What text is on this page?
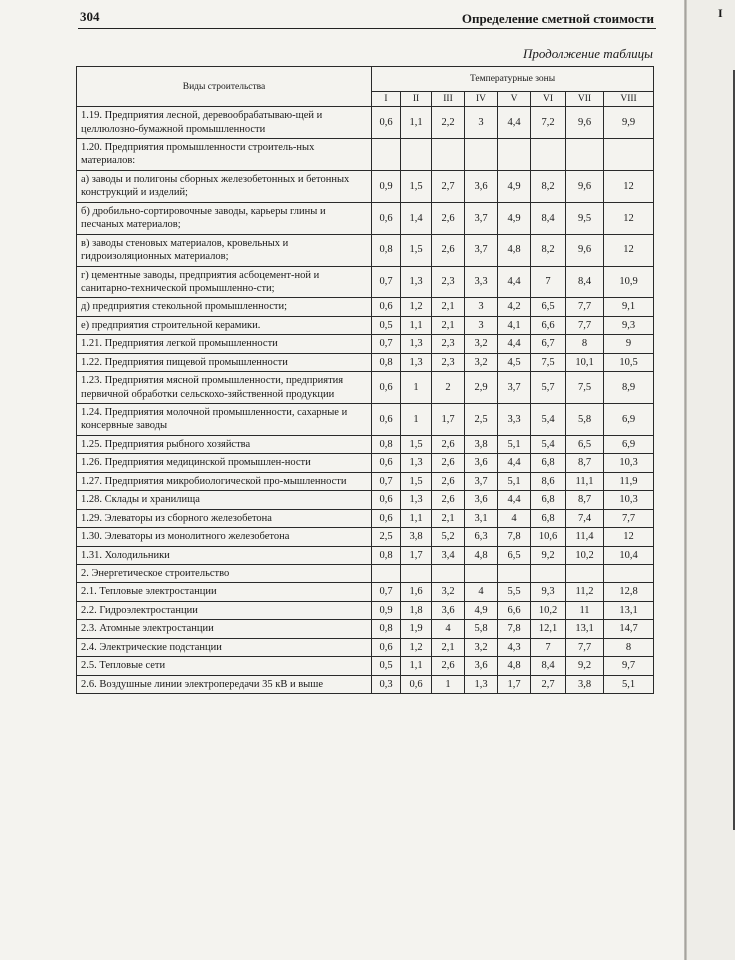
I
304	Определение сметной стоимости
Продолжение таблицы
Виды строительства	Температурные зоны							
	I	II	III	IV	V	VI	VII	VIII
1.19. Предприятия лесной, деревообрабатываю-щей и целлюлозно-бумажной промышленности	0,6	1,1	2,2	3	4,4	7,2	9,6	9,9
1.20. Предприятия промышленности строитель-ных материалов:								
а) заводы и полигоны сборных железобетонных и бетонных конструкций и изделий;	0,9	1,5	2,7	3,6	4,9	8,2	9,6	12
б) дробильно-сортировочные заводы, карьеры глины и песчаных материалов;	0,6	1,4	2,6	3,7	4,9	8,4	9,5	12
в) заводы стеновых материалов, кровельных и гидроизоляционных материалов;	0,8	1,5	2,6	3,7	4,8	8,2	9,6	12
г) цементные заводы, предприятия асбоцемент-ной и санитарно-технической промышленно-сти;	0,7	1,3	2,3	3,3	4,4	7	8,4	10,9
д) предприятия стекольной промышленности;	0,6	1,2	2,1	3	4,2	6,5	7,7	9,1
е) предприятия строительной керамики.	0,5	1,1	2,1	3	4,1	6,6	7,7	9,3
1.21. Предприятия легкой промышленности	0,7	1,3	2,3	3,2	4,4	6,7	8	9
1.22. Предприятия пищевой промышленности	0,8	1,3	2,3	3,2	4,5	7,5	10,1	10,5
1.23. Предприятия мясной промышленности, предприятия первичной обработки сельскохо-зяйственной продукции	0,6	1	2	2,9	3,7	5,7	7,5	8,9
1.24. Предприятия молочной промышленности, сахарные и консервные заводы	0,6	1	1,7	2,5	3,3	5,4	5,8	6,9
1.25. Предприятия рыбного хозяйства	0,8	1,5	2,6	3,8	5,1	5,4	6,5	6,9
1.26. Предприятия медицинской промышлен-ности	0,6	1,3	2,6	3,6	4,4	6,8	8,7	10,3
1.27. Предприятия микробиологической про-мышленности	0,7	1,5	2,6	3,7	5,1	8,6	11,1	11,9
1.28. Склады и хранилища	0,6	1,3	2,6	3,6	4,4	6,8	8,7	10,3
1.29. Элеваторы из сборного железобетона	0,6	1,1	2,1	3,1	4	6,8	7,4	7,7
1.30. Элеваторы из монолитного железобетона	2,5	3,8	5,2	6,3	7,8	10,6	11,4	12
1.31. Холодильники	0,8	1,7	3,4	4,8	6,5	9,2	10,2	10,4
2. Энергетическое строительство								
2.1. Тепловые электростанции	0,7	1,6	3,2	4	5,5	9,3	11,2	12,8
2.2. Гидроэлектростанции	0,9	1,8	3,6	4,9	6,6	10,2	11	13,1
2.3. Атомные электростанции	0,8	1,9	4	5,8	7,8	12,1	13,1	14,7
2.4. Электрические подстанции	0,6	1,2	2,1	3,2	4,3	7	7,7	8
2.5. Тепловые сети	0,5	1,1	2,6	3,6	4,8	8,4	9,2	9,7
2.6. Воздушные линии электропередачи 35 кВ и выше	0,3	0,6	1	1,3	1,7	2,7	3,8	5,1
